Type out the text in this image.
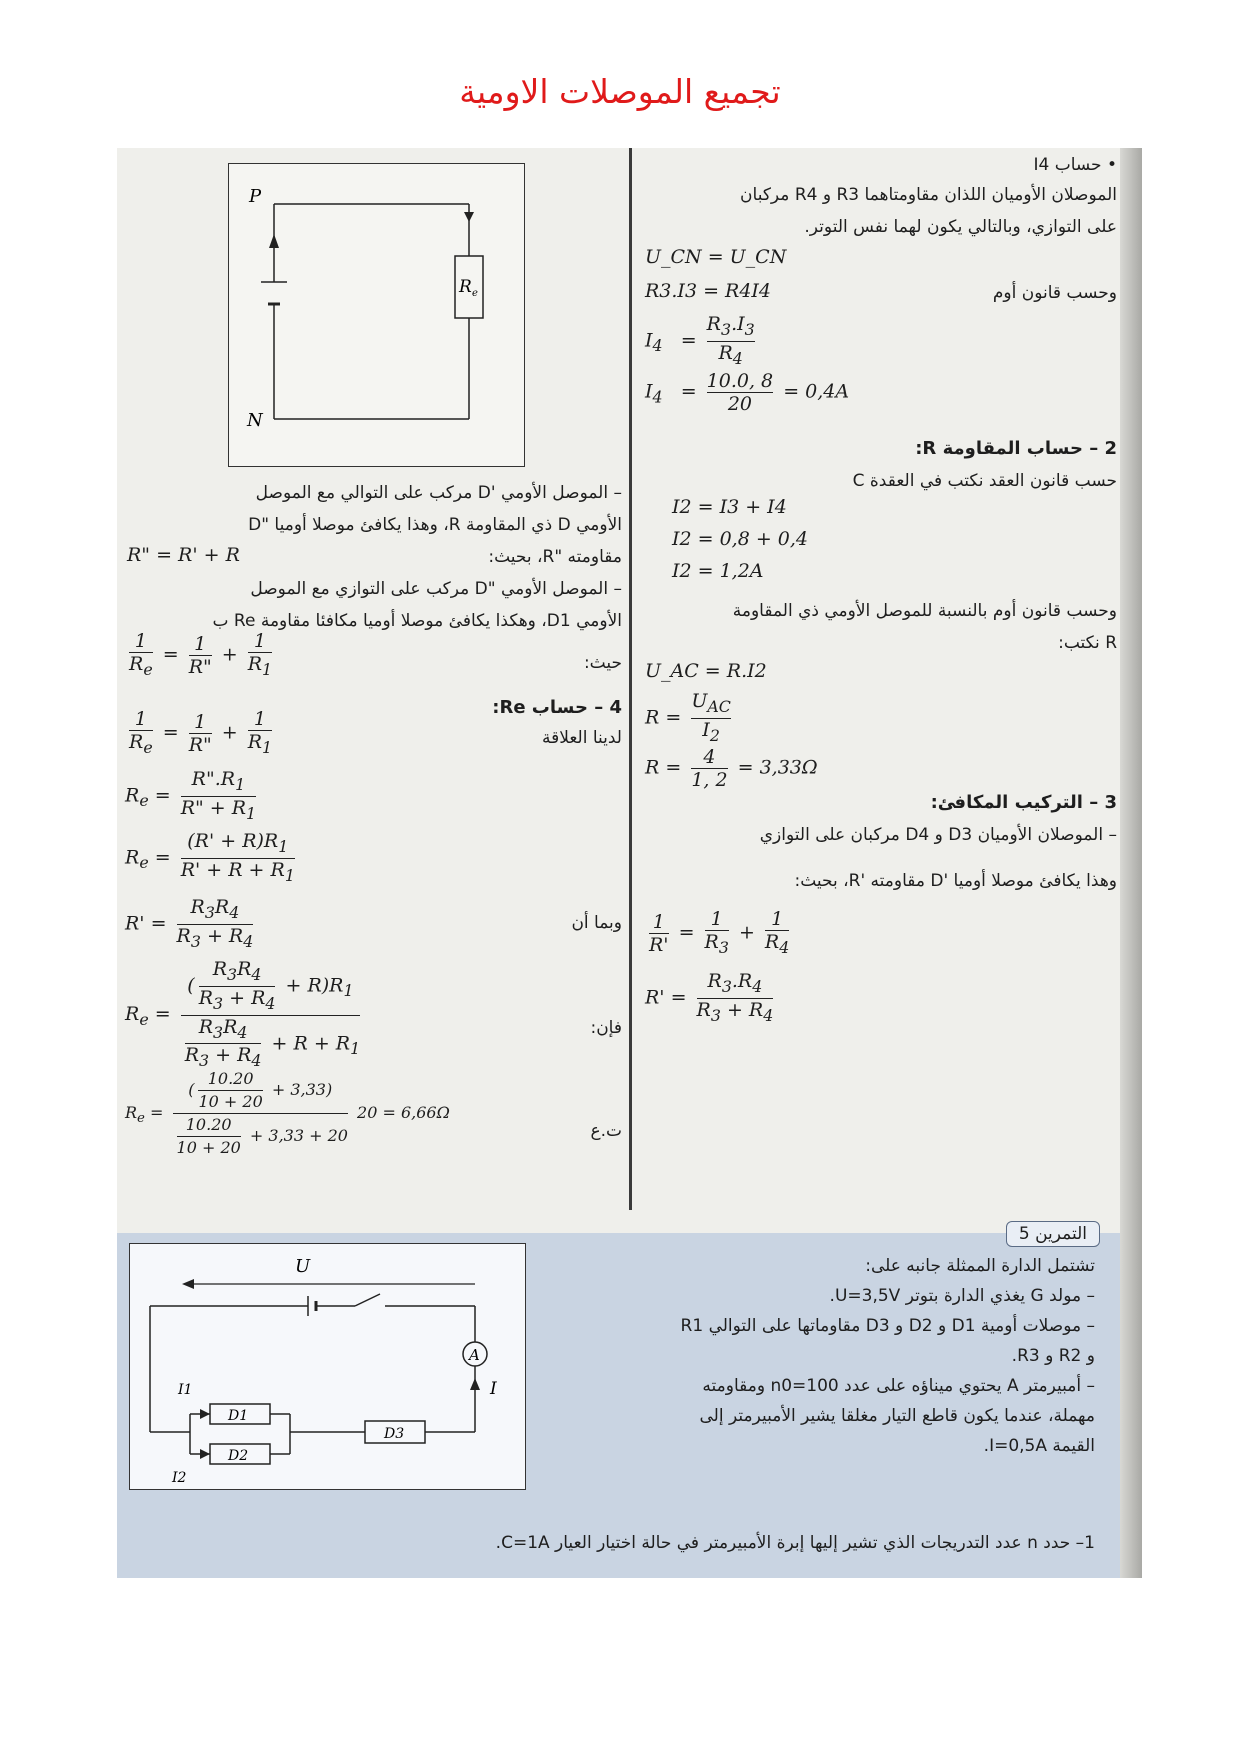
تجميع الموصلات الاومية
P
N
R e
– الموصل الأومي 'D مركب على التوالي مع الموصل
الأومي D ذي المقاومة R، وهذا يكافئ موصلا أوميا "D
مقاومته "R، بحيث:
R" = R' + R
– الموصل الأومي "D مركب على التوازي مع الموصل
الأومي D1، وهكذا يكافئ موصلا أوميا مكافئا مقاومة Re ب
حيث:
$\frac{1}{R_e} = \frac{1}{R"} + \frac{1}{R_1}$
4 – حساب Re:
لدينا العلاقة
$\frac{1}{R_e} = \frac{1}{R"} + \frac{1}{R_1}$
$R_e = \frac{R".R_1}{R" + R_1}$
$R_e = \frac{(R' + R)R_1}{R' + R + R_1}$
وبما أن
$R' = \frac{R_3R_4}{R_3 + R_4}$
فإن:
$R_e = \frac{( \frac{R_3R_4}{R_3 + R_4} + R)R_1}{\frac{R_3R_4}{R_3 + R_4} + R + R_1}$
ت.ع
$R_e = \frac{( \frac{10.20}{10 + 20} + 3,33)}{\frac{10.20}{10 + 20} + 3,33 + 20} 20 = 6,66\Omega$
• حساب I4
الموصلان الأوميان اللذان مقاومتاهما R3 و R4 مركبان
على التوازي، وبالتالي يكون لهما نفس التوتر.
U_CN = U_CN
وحسب قانون أوم
R3.I3 = R4I4
$I_4 = \frac{R_3.I_3}{R_4}$
$I_4 = \frac{10.0, 8}{20} = 0,4A$
2 – حساب المقاومة R:
حسب قانون العقد نكتب في العقدة C
I2 = I3 + I4
I2 = 0,8 + 0,4
I2 = 1,2A
وحسب قانون أوم بالنسبة للموصل الأومي ذي المقاومة
R نكتب:
U_AC = R.I2
$R = \frac{U_{AC}}{I_2}$
$R = \frac{4}{1, 2} = 3,33\Omega$
3 – التركيب المكافئ:
– الموصلان الأوميان D3 و D4 مركبان على التوازي
وهذا يكافئ موصلا أوميا 'D مقاومته 'R، بحيث:
$\frac{1}{R'} = \frac{1}{R_3} + \frac{1}{R_4}$
$R' = \frac{R_3.R_4}{R_3 + R_4}$
التمرين 5
U
A
I
D1
D2
D3
I1
I2
تشتمل الدارة الممثلة جانبه على:
– مولد G يغذي الدارة بتوتر U=3,5V.
– موصلات أومية D1 و D2 و D3 مقاوماتها على التوالي R1
و R2 و R3.
– أمبيرمتر A يحتوي ميناؤه على عدد n0=100 ومقاومته
مهملة، عندما يكون قاطع التيار مغلقا يشير الأمبيرمتر إلى
القيمة I=0,5A.
1– حدد n عدد التدريجات الذي تشير إليها إبرة الأمبيرمتر في حالة اختيار العيار C=1A.
